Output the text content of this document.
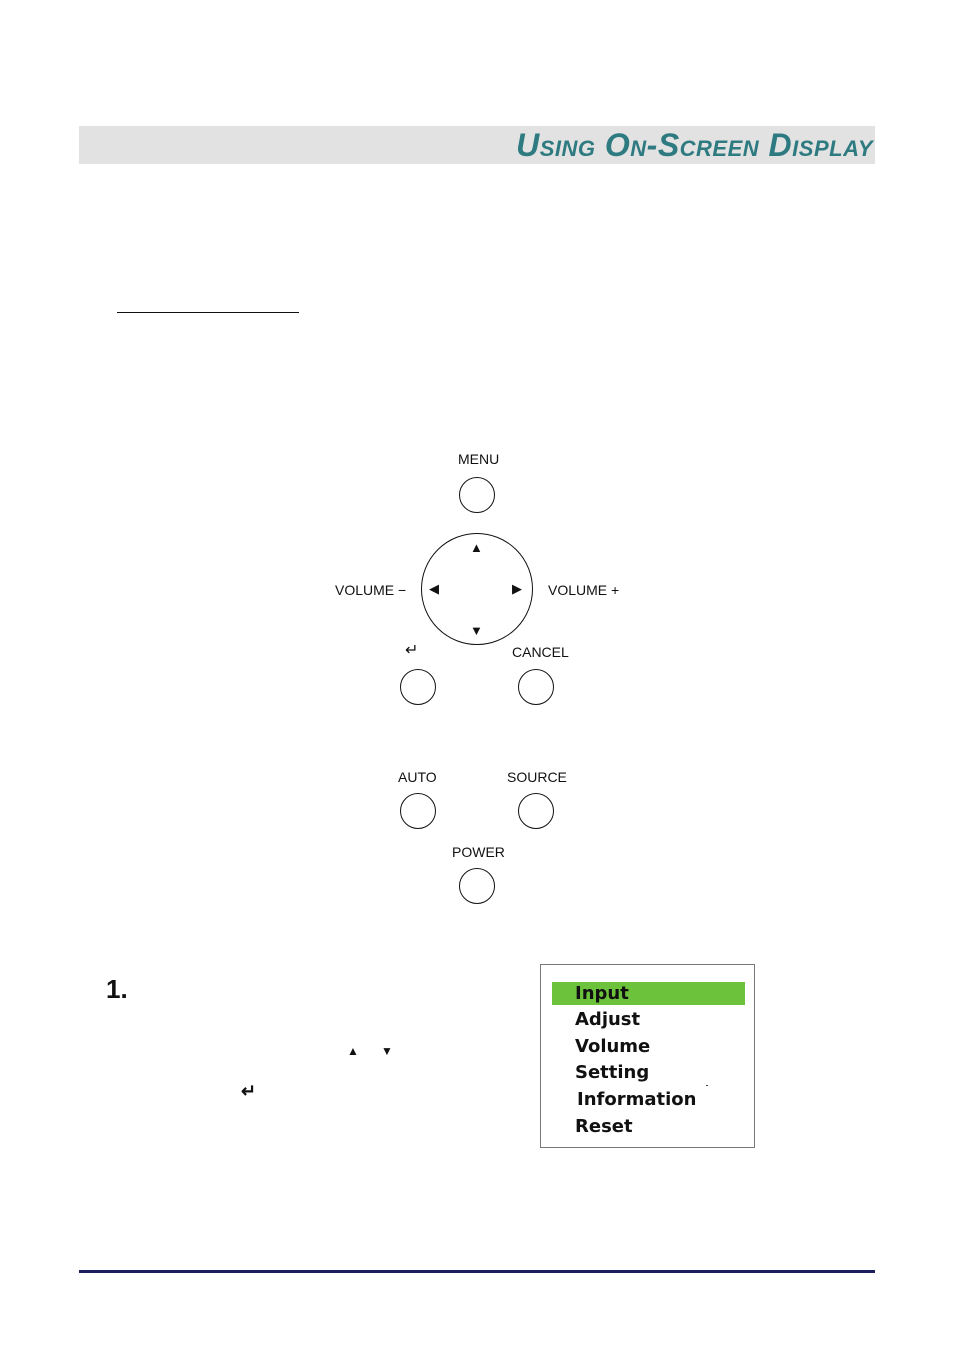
Using On-Screen Display
MENU
VOLUME −
▲
▼
◀	▶ VOLUME +
↵	CANCEL
AUTO	SOURCE
POWER
1.
▲ ▼
↵
Input
Adjust
Volume
Setting
Information
Reset
